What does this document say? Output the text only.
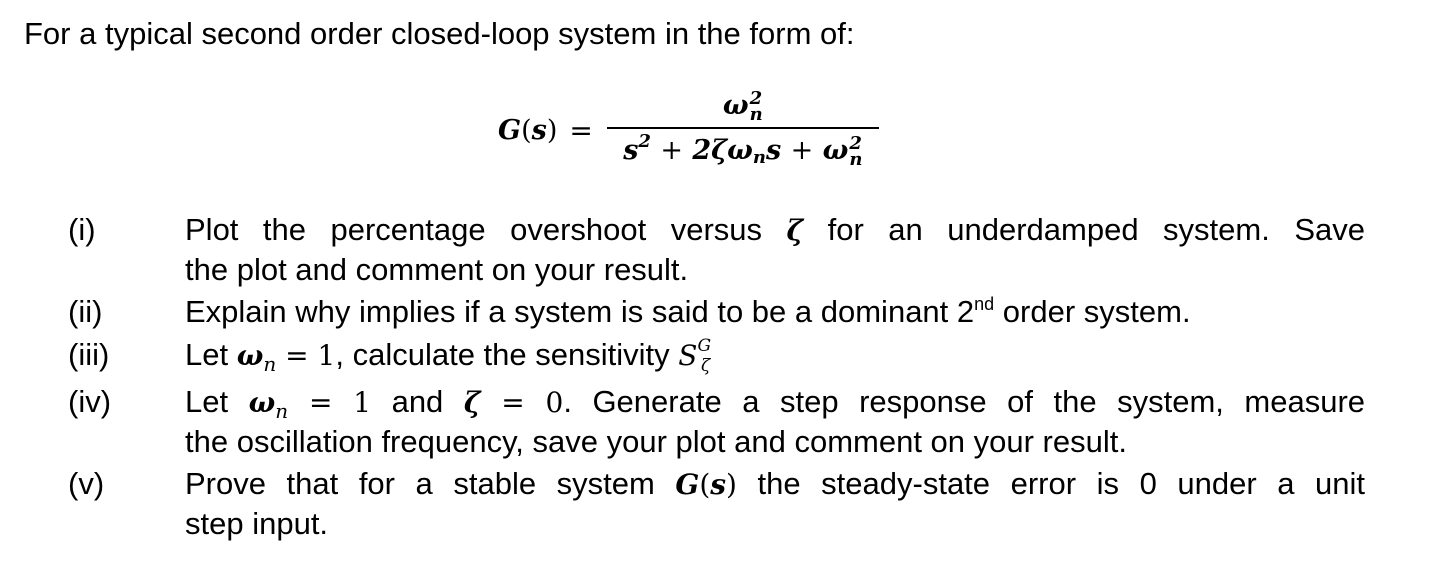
For a typical second order closed-loop system in the form of:
G(s) = ω 2
n
$s^2 + 2\zeta\omega ns + \omega$ 2
n
(i)	Plot the percentage overshoot versus ζ for an underdamped system. Save
the plot and comment on your result.
(ii)	Explain why implies if a system is said to be a dominant 2nd order system.
(iii) Let ωn = 1, calculate the sensitivity $S^G\zeta$
(iv) Let ωn = 1 and ζ = 0. Generate a step response of the system, measure
the oscillation frequency, save your plot and comment on your result.
(v)	Prove that for a stable system G(s) the steady-state error is 0 under a unit
step input.
